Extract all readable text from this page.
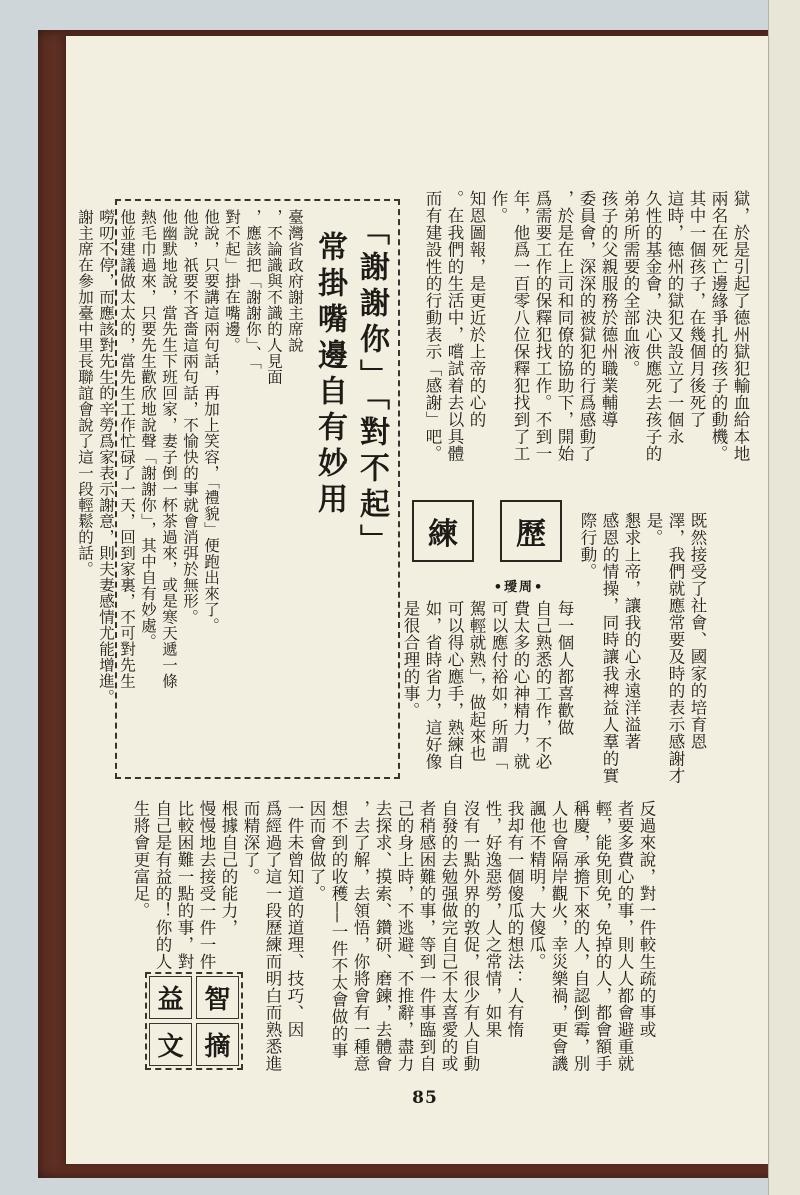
獄，於是引起了德州獄犯輸血給本地
兩名在死亡邊緣爭扎的孩子的動機。
其中一個孩子，在幾個月後死了
這時，德州的獄犯又設立了一個永
久性的基金會，決心供應死去孩子的
弟弟所需要的全部血液。
孩子的父親服務於德州職業輔導
委員會，深深的被獄犯的行爲感動了
，於是在上司和同僚的協助下，開始
爲需要工作的保釋犯找工作。不到一
年，他爲一百零八位保釋犯找到了工
作。
知恩圖報，是更近於上帝的心的
。在我們的生活中，嚐試着去以具體
而有建設性的行動表示「感謝」吧。
既然接受了社會、國家的培育恩
澤，我們就應常要及時的表示感謝才
是。
懇求上帝，讓我的心永遠洋溢著
感恩的情操，同時讓我裨益人羣的實
際行動。
「謝謝你」「對不起」
常掛嘴邊自有妙用
臺灣省政府謝主席說
，不論識與不識的人見面
，應該把「謝謝你」、「
對不起」掛在嘴邊。
他說，只要講這兩句話，再加上笑容，「禮貌」便跑出來了。
他說，祇要不吝嗇這兩句話，不愉快的事就會消弭於無形。
他幽默地說，當先生下班回家，妻子倒一杯茶過來，或是寒天遞一條
熱毛巾過來，只要先生歡欣地說聲「謝謝你」，其中自有妙處。
他並建議做太太的，當先生工作忙碌了一天，回到家裏，不可對先生
嘮叨不停，而應該對先生的辛勞爲家表示謝意，則夫妻感情尤能增進。
謝主席在參加臺中里長聯誼會說了這一段輕鬆的話。	歷
練
•璦周•
每一個人都喜歡做
自己熟悉的工作，不必
費太多的心神精力，就
可以應付裕如，所謂「
駕輕就熟」，做起來也
可以得心應手，熟練自
如，省時省力，這好像
是很合理的事。
反過來說，對一件較生疏的事或
者要多費心的事，則人人都會避重就
輕，能免則免，免掉的人，都會額手
稱慶，承擔下來的人，自認倒霉，別
人也會隔岸觀火，幸災樂禍，更會譏
諷他不精明，大傻瓜。
我却有一個傻瓜的想法：人有惰
性，好逸惡勞，人之常情，如果
沒有一點外界的敦促，很少有人自動
自發的去勉强做完自己不太喜愛的或
者稍感困難的事，等到一件事臨到自
己的身上時，不逃避、不推辭，盡力
去探求、摸索、鑽研、磨鍊，去體會
，去了解，去領悟，你將會有一種意
想不到的收穫——一件不太會做的事
因而會做了。
一件未曾知道的道理、技巧、因
爲經過了這一段歷練而明白而熟悉進
而精深了。
根據自己的能力，
慢慢地去接受一件一件
比較困難一點的事，對
自己是有益的！你的人
生將會更富足。
益 智
文 摘
85
